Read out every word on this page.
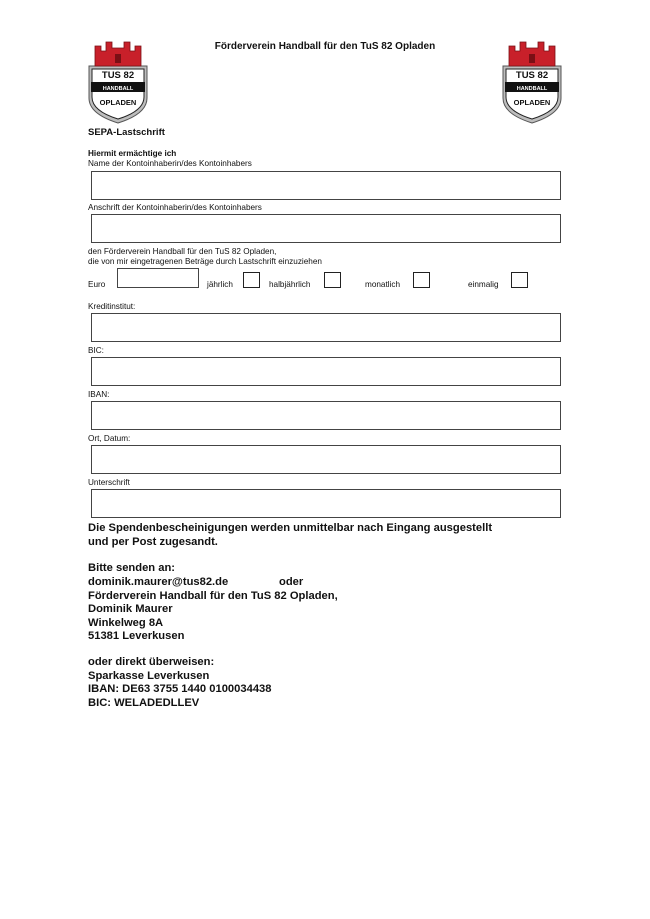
TUS 82
HANDBALL
OPLADEN
TUS 82
HANDBALL
OPLADEN
Förderverein Handball für den TuS 82 Opladen
SEPA-Lastschrift
Hiermit ermächtige ich
Name der Kontoinhaberin/des Kontoinhabers
Anschrift der Kontoinhaberin/des Kontoinhabers
den Förderverein Handball für den TuS 82 Opladen,
die von mir eingetragenen Beträge durch Lastschrift einzuziehen
Euro	jährlich	halbjährlich	monatlich	einmalig
Kreditinstitut:
BIC:
IBAN:
Ort, Datum:
Unterschrift
Die Spendenbescheinigungen werden unmittelbar nach Eingang ausgestellt
und per Post zugesandt.
Bitte senden an:
dominik.maurer@tus82.de	oder
Förderverein Handball für den TuS 82 Opladen,
Dominik Maurer
Winkelweg 8A
51381 Leverkusen
oder direkt überweisen:
Sparkasse Leverkusen
IBAN: DE63 3755 1440 0100034438
BIC: WELADEDLLEV
